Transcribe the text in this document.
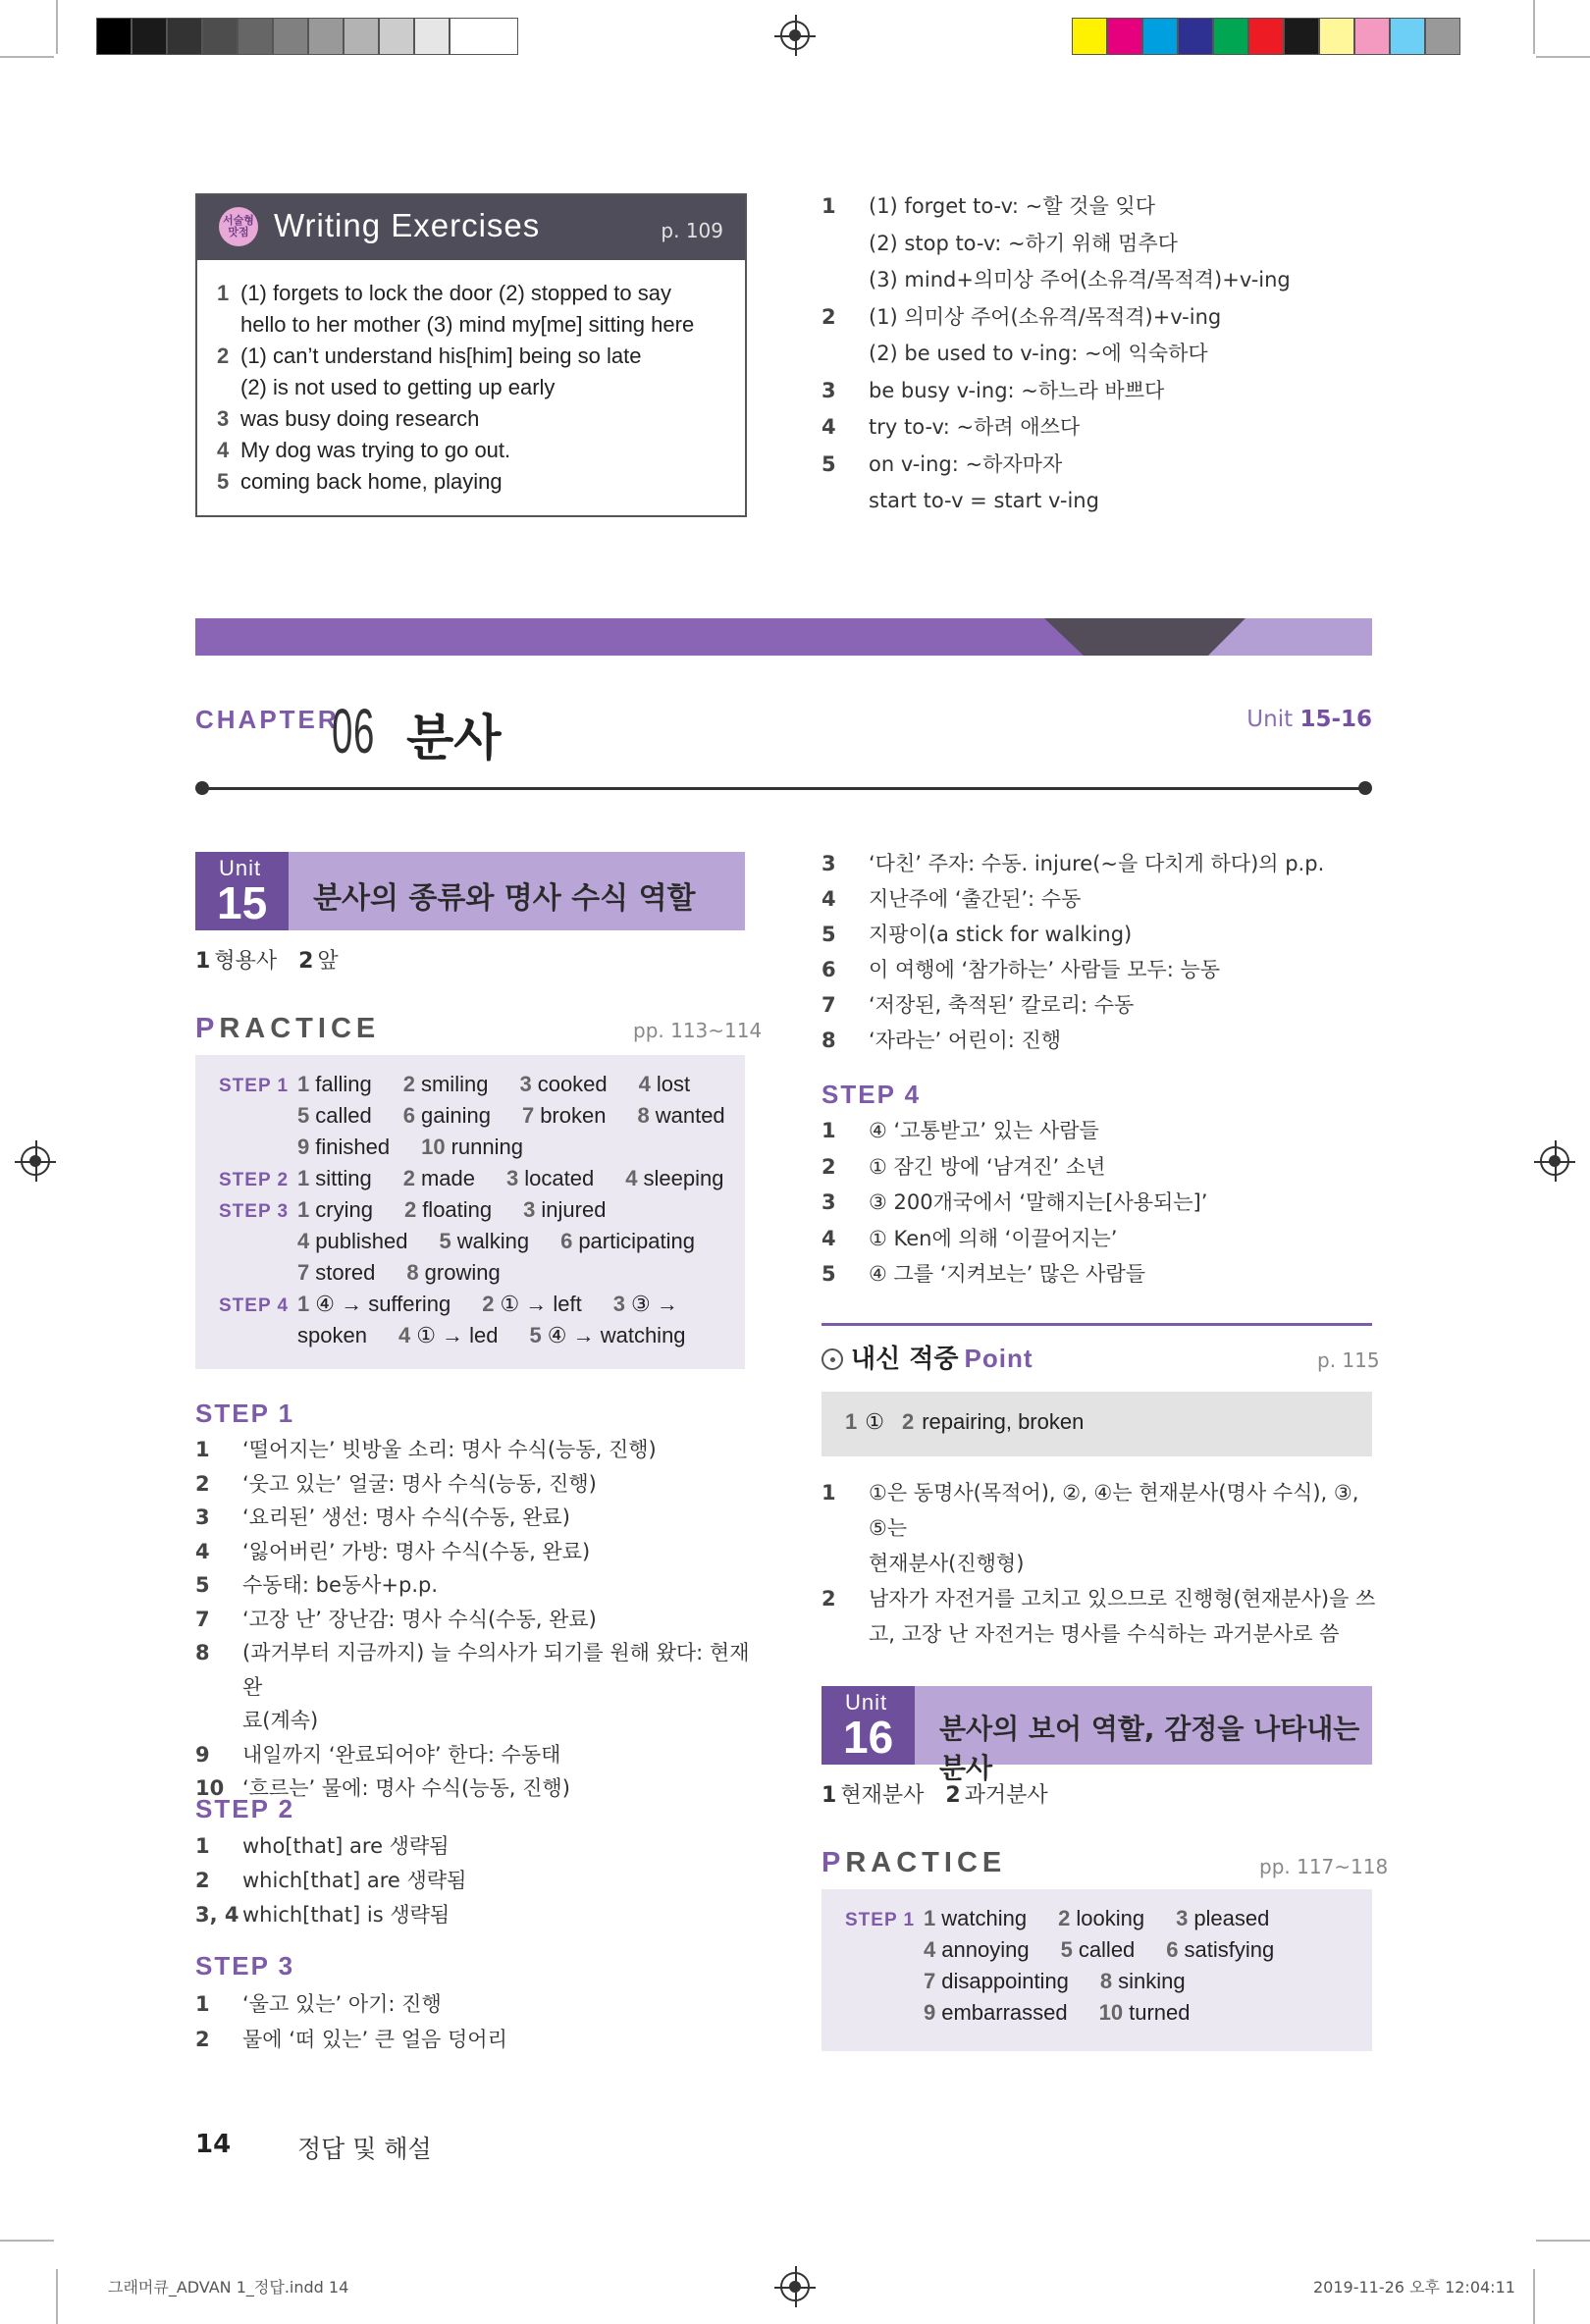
서술형 맛점 Writing Exercises	p. 109
1 (1) forgets to lock the door (2) stopped to say
hello to her mother (3) mind my[me] sitting here
2 (1) can’t understand his[him] being so late
(2) is not used to getting up early
3 was busy doing research
4 My dog was trying to go out.
5 coming back home, playing
1	(1) forget to-v: ~할 것을 잊다
(2) stop to-v: ~하기 위해 멈추다
(3) mind+의미상 주어(소유격/목적격)+v-ing
2	(1) 의미상 주어(소유격/목적격)+v-ing
(2) be used to v-ing: ~에 익숙하다
3	be busy v-ing: ~하느라 바쁘다
4	try to-v: ~하려 애쓰다
5	on v-ing: ~하자마자
start to-v = start v-ing
CHAPTER
06 분사	Unit 15-16
Unit
15 분사의 종류와 명사 수식 역할
1 형용사 2 앞
PRACTICE	pp. 113~114
STEP 1 1 falling 2 smiling 3 cooked 4 lost
5 called 6 gaining 7 broken 8 wanted
9 finished 10 running
STEP 2 1 sitting 2 made 3 located 4 sleeping
STEP 3 1 crying 2 floating 3 injured
4 published 5 walking 6 participating
7 stored 8 growing
STEP 4 1 ④ → suffering 2 ① → left 3 ③ →
spoken 4 ① → led 5 ④ → watching
STEP 1
1	‘떨어지는’ 빗방울 소리: 명사 수식(능동, 진행)
2	‘웃고 있는’ 얼굴: 명사 수식(능동, 진행)
3	‘요리된’ 생선: 명사 수식(수동, 완료)
4	‘잃어버린’ 가방: 명사 수식(수동, 완료)
5	수동태: be동사+p.p.
7	‘고장 난’ 장난감: 명사 수식(수동, 완료)
8	(과거부터 지금까지) 늘 수의사가 되기를 원해 왔다: 현재완
료(계속)
9	내일까지 ‘완료되어야’ 한다: 수동태
10 ‘흐르는’ 물에: 명사 수식(능동, 진행)
STEP 2
1	who[that] are 생략됨
2	which[that] are 생략됨
3, 4 which[that] is 생략됨
STEP 3
1	‘울고 있는’ 아기: 진행
2	물에 ‘떠 있는’ 큰 얼음 덩어리
3	‘다친’ 주자: 수동. injure(~을 다치게 하다)의 p.p.
4	지난주에 ‘출간된’: 수동
5	지팡이(a stick for walking)
6	이 여행에 ‘참가하는’ 사람들 모두: 능동
7	‘저장된, 축적된’ 칼로리: 수동
8	‘자라는’ 어린이: 진행
STEP 4
1	④ ‘고통받고’ 있는 사람들
2	① 잠긴 방에 ‘남겨진’ 소년
3	③ 200개국에서 ‘말해지는[사용되는]’
4	① Ken에 의해 ‘이끌어지는’
5	④ 그를 ‘지켜보는’ 많은 사람들
내신 적중 Point	p. 115
1 ① 2 repairing, broken
1	①은 동명사(목적어), ②, ④는 현재분사(명사 수식), ③, ⑤는
현재분사(진행형)
2	남자가 자전거를 고치고 있으므로 진행형(현재분사)을 쓰
고, 고장 난 자전거는 명사를 수식하는 과거분사로 씀
Unit
16 분사의 보어 역할, 감정을 나타내는 분사
1 현재분사 2 과거분사
PRACTICE	pp. 117~118
STEP 1 1 watching 2 looking 3 pleased
4 annoying 5 called 6 satisfying
7 disappointing 8 sinking
9 embarrassed 10 turned
14	정답 및 해설
그래머큐_ADVAN 1_정답.indd 14	2019-11-26 오후 12:04:11
